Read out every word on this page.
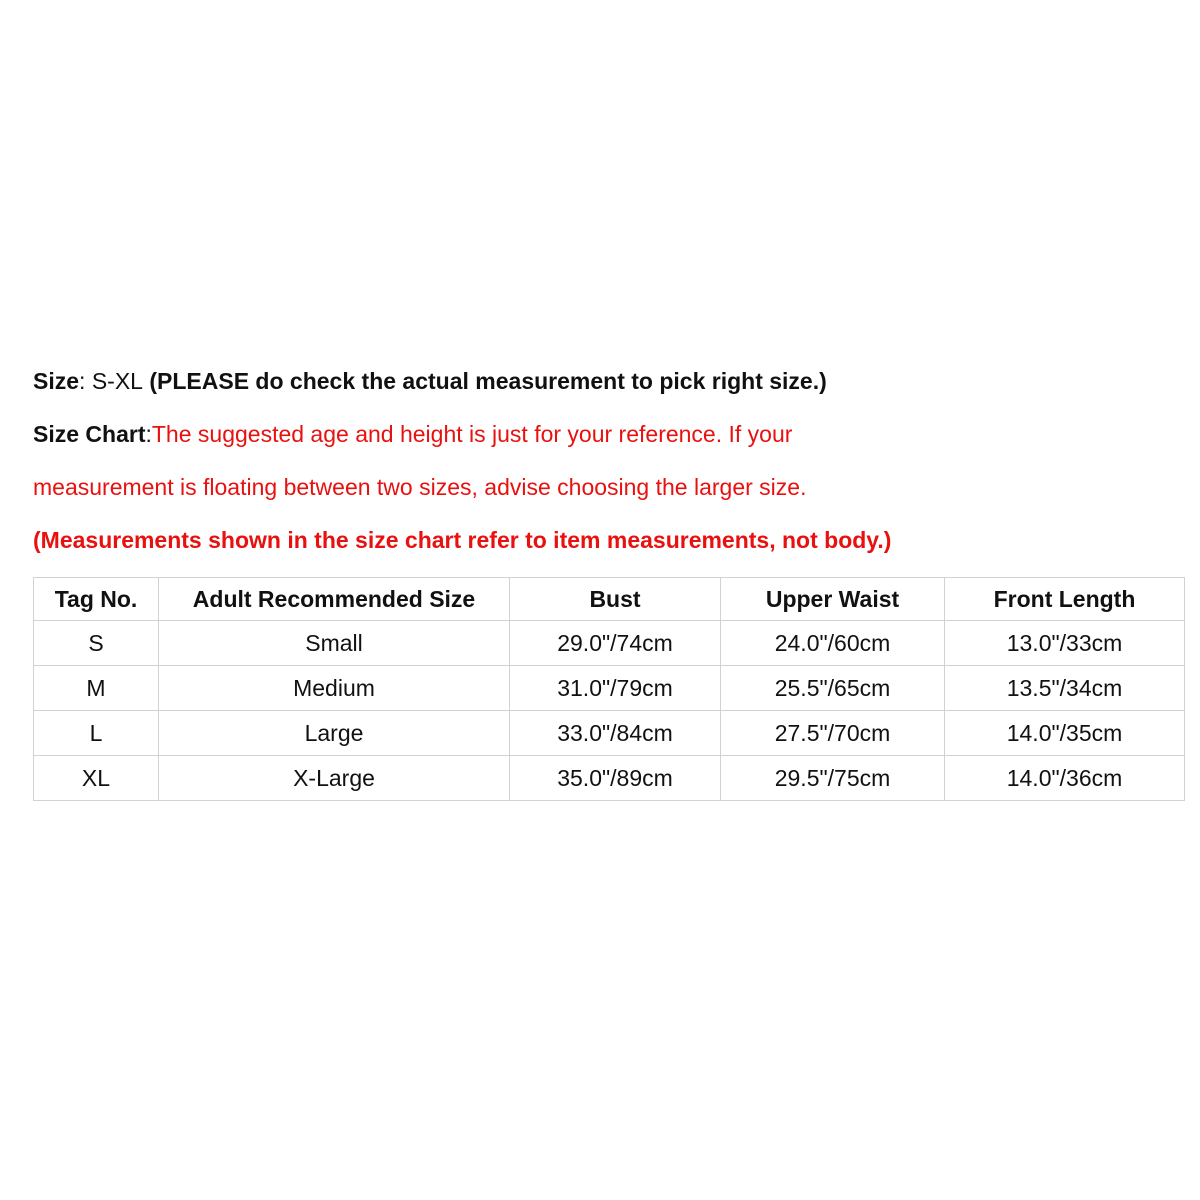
Size: S-XL (PLEASE do check the actual measurement to pick right size.)
Size Chart:The suggested age and height is just for your reference. If your
measurement is floating between two sizes, advise choosing the larger size.
(Measurements shown in the size chart refer to item measurements, not body.)
Tag No.	Adult Recommended Size	Bust	Upper Waist	Front Length
S	Small	29.0"/74cm	24.0"/60cm	13.0"/33cm
M	Medium	31.0"/79cm	25.5"/65cm	13.5"/34cm
L	Large	33.0"/84cm	27.5"/70cm	14.0"/35cm
XL	X-Large	35.0"/89cm	29.5"/75cm	14.0"/36cm
